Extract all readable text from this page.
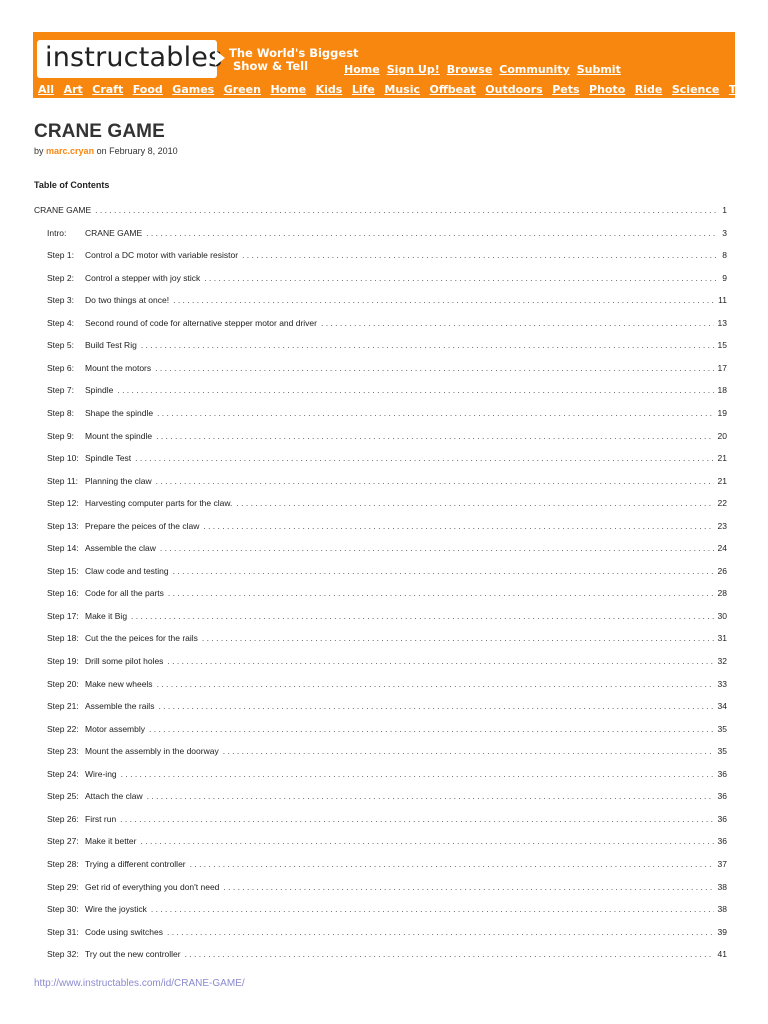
instructables The World's Biggest
Show & Tell	Home Sign Up! Browse Community Submit
All Art Craft Food Games Green Home Kids Life Music Offbeat Outdoors Pets Photo Ride Science Tech
CRANE GAME
by marc.cryan on February 8, 2010
Table of Contents
CRANE GAME . . .	1
Intro:	CRANE GAME . . .	3
Step 1:	Control a DC motor with variable resistor . . .	8
Step 2:	Control a stepper with joy stick . . .	9
Step 3:	Do two things at once! . . .	11
Step 4:	Second round of code for alternative stepper motor and driver . . .	13
Step 5:	Build Test Rig . . .	15
Step 6:	Mount the motors . . .	17
Step 7:	Spindle . . .	18
Step 8:	Shape the spindle . . .	19
Step 9:	Mount the spindle . . .	20
Step 10: Spindle Test . . .	21
Step 11: Planning the claw . . .	21
Step 12: Harvesting computer parts for the claw. . . .	22
Step 13: Prepare the peices of the claw . . .	23
Step 14: Assemble the claw . . .	24
Step 15: Claw code and testing . . .	26
Step 16: Code for all the parts . . .	28
Step 17: Make it Big . . .	30
Step 18: Cut the the peices for the rails . . .	31
Step 19: Drill some pilot holes . . .	32
Step 20: Make new wheels . . .	33
Step 21: Assemble the rails . . .	34
Step 22: Motor assembly . . .	35
Step 23: Mount the assembly in the doorway . . .	35
Step 24: Wire-ing . . .	36
Step 25: Attach the claw . . .	36
Step 26: First run . . .	36
Step 27: Make it better . . .	36
Step 28: Trying a different controller . . .	37
Step 29: Get rid of everything you don't need . . .	38
Step 30: Wire the joystick . . .	38
Step 31: Code using switches . . .	39
Step 32: Try out the new controller . . .	41
http://www.instructables.com/id/CRANE-GAME/
